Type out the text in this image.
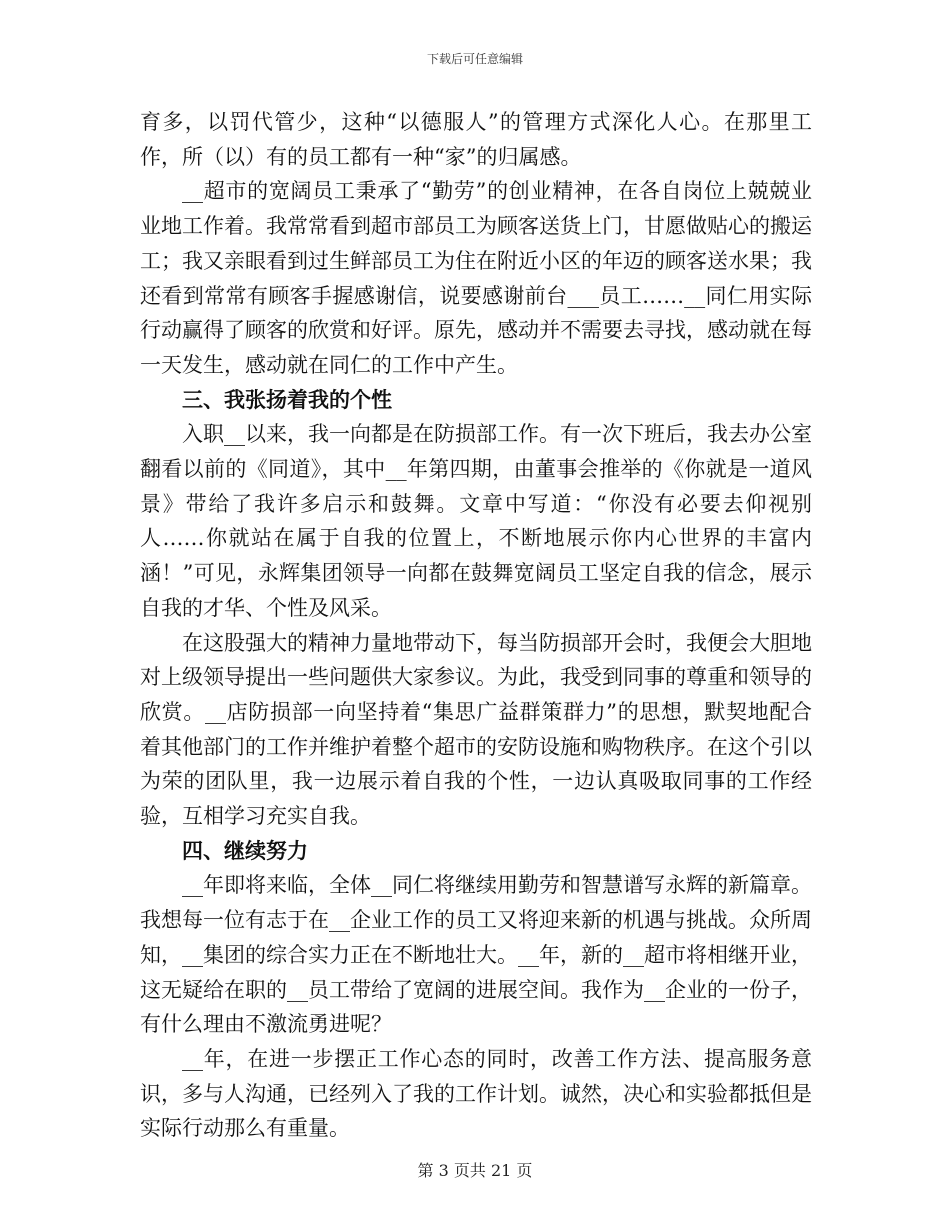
下载后可任意编辑

育多，以罚代管少，这种“以德服人”的管理方式深化人心。在那里工作，所（以）有的员工都有一种“家”的归属感。

__超市的宽阔员工秉承了“勤劳”的创业精神，在各自岗位上兢兢业业地工作着。我常常看到超市部员工为顾客送货上门，甘愿做贴心的搬运工；我又亲眼看到过生鲜部员工为住在附近小区的年迈的顾客送水果；我还看到常常有顾客手握感谢信，说要感谢前台___员工……__同仁用实际行动赢得了顾客的欣赏和好评。原先，感动并不需要去寻找，感动就在每一天发生，感动就在同仁的工作中产生。

三、我张扬着我的个性

入职__以来，我一向都是在防损部工作。有一次下班后，我去办公室翻看以前的《同道》，其中__年第四期，由董事会推举的《你就是一道风景》带给了我许多启示和鼓舞。文章中写道：“你没有必要去仰视别人……你就站在属于自我的位置上，不断地展示你内心世界的丰富内涵！”可见，永辉集团领导一向都在鼓舞宽阔员工坚定自我的信念，展示自我的才华、个性及风采。

在这股强大的精神力量地带动下，每当防损部开会时，我便会大胆地对上级领导提出一些问题供大家参议。为此，我受到同事的尊重和领导的欣赏。__店防损部一向坚持着“集思广益群策群力”的思想，默契地配合着其他部门的工作并维护着整个超市的安防设施和购物秩序。在这个引以为荣的团队里，我一边展示着自我的个性，一边认真吸取同事的工作经验，互相学习充实自我。

四、继续努力

__年即将来临，全体__同仁将继续用勤劳和智慧谱写永辉的新篇章。我想每一位有志于在__企业工作的员工又将迎来新的机遇与挑战。众所周知，__集团的综合实力正在不断地壮大。__年，新的__超市将相继开业，这无疑给在职的__员工带给了宽阔的进展空间。我作为__企业的一份子，有什么理由不激流勇进呢？

__年，在进一步摆正工作心态的同时，改善工作方法、提高服务意识，多与人沟通，已经列入了我的工作计划。诚然，决心和实验都抵但是实际行动那么有重量。

第 3 页共 21 页
